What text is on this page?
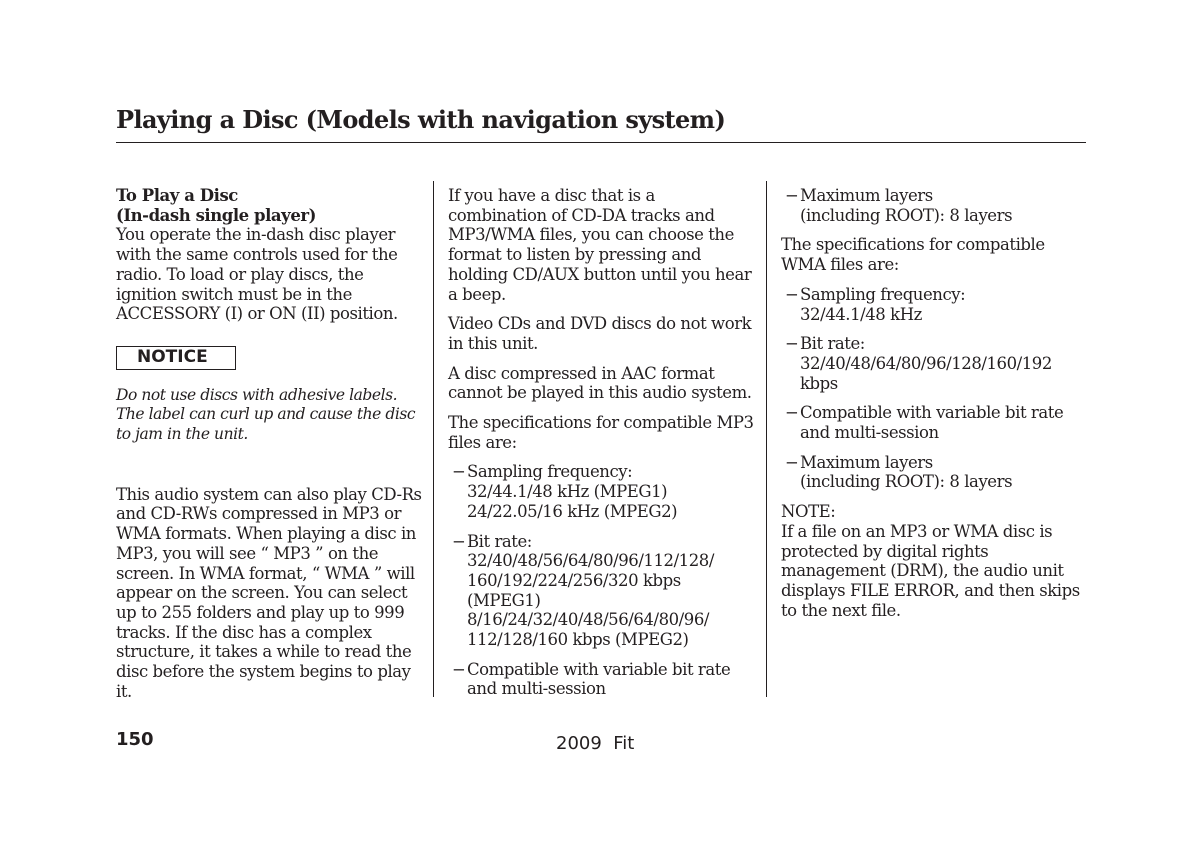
Playing a Disc (Models with navigation system)
To Play a Disc
(In-dash single player)
You operate the in-dash disc player with the same controls used for the radio. To load or play discs, the ignition switch must be in the ACCESSORY (I) or ON (II) position.
NOTICE
Do not use discs with adhesive labels. The label can curl up and cause the disc to jam in the unit.
This audio system can also play CD-Rs and CD-RWs compressed in MP3 or WMA formats. When playing a disc in MP3, you will see “ MP3 ” on the screen. In WMA format, “ WMA ” will appear on the screen. You can select up to 255 folders and play up to 999 tracks. If the disc has a complex structure, it takes a while to read the disc before the system begins to play it.
If you have a disc that is a combination of CD-DA tracks and MP3/WMA files, you can choose the format to listen by pressing and holding CD/AUX button until you hear a beep.
Video CDs and DVD discs do not work in this unit.
A disc compressed in AAC format cannot be played in this audio system.
The specifications for compatible MP3 files are:
− Sampling frequency:
32/44.1/48 kHz (MPEG1)
24/22.05/16 kHz (MPEG2)
− Bit rate:
32/40/48/56/64/80/96/112/128/
160/192/224/256/320 kbps
(MPEG1)
8/16/24/32/40/48/56/64/80/96/
112/128/160 kbps (MPEG2)
− Compatible with variable bit rate and multi-session
− Maximum layers
(including ROOT): 8 layers
The specifications for compatible WMA files are:
− Sampling frequency:
32/44.1/48 kHz
− Bit rate:
32/40/48/64/80/96/128/160/192
kbps
− Compatible with variable bit rate and multi-session
− Maximum layers
(including ROOT): 8 layers
NOTE:
If a file on an MP3 or WMA disc is protected by digital rights management (DRM), the audio unit displays FILE ERROR, and then skips to the next file.
150	2009  Fit
